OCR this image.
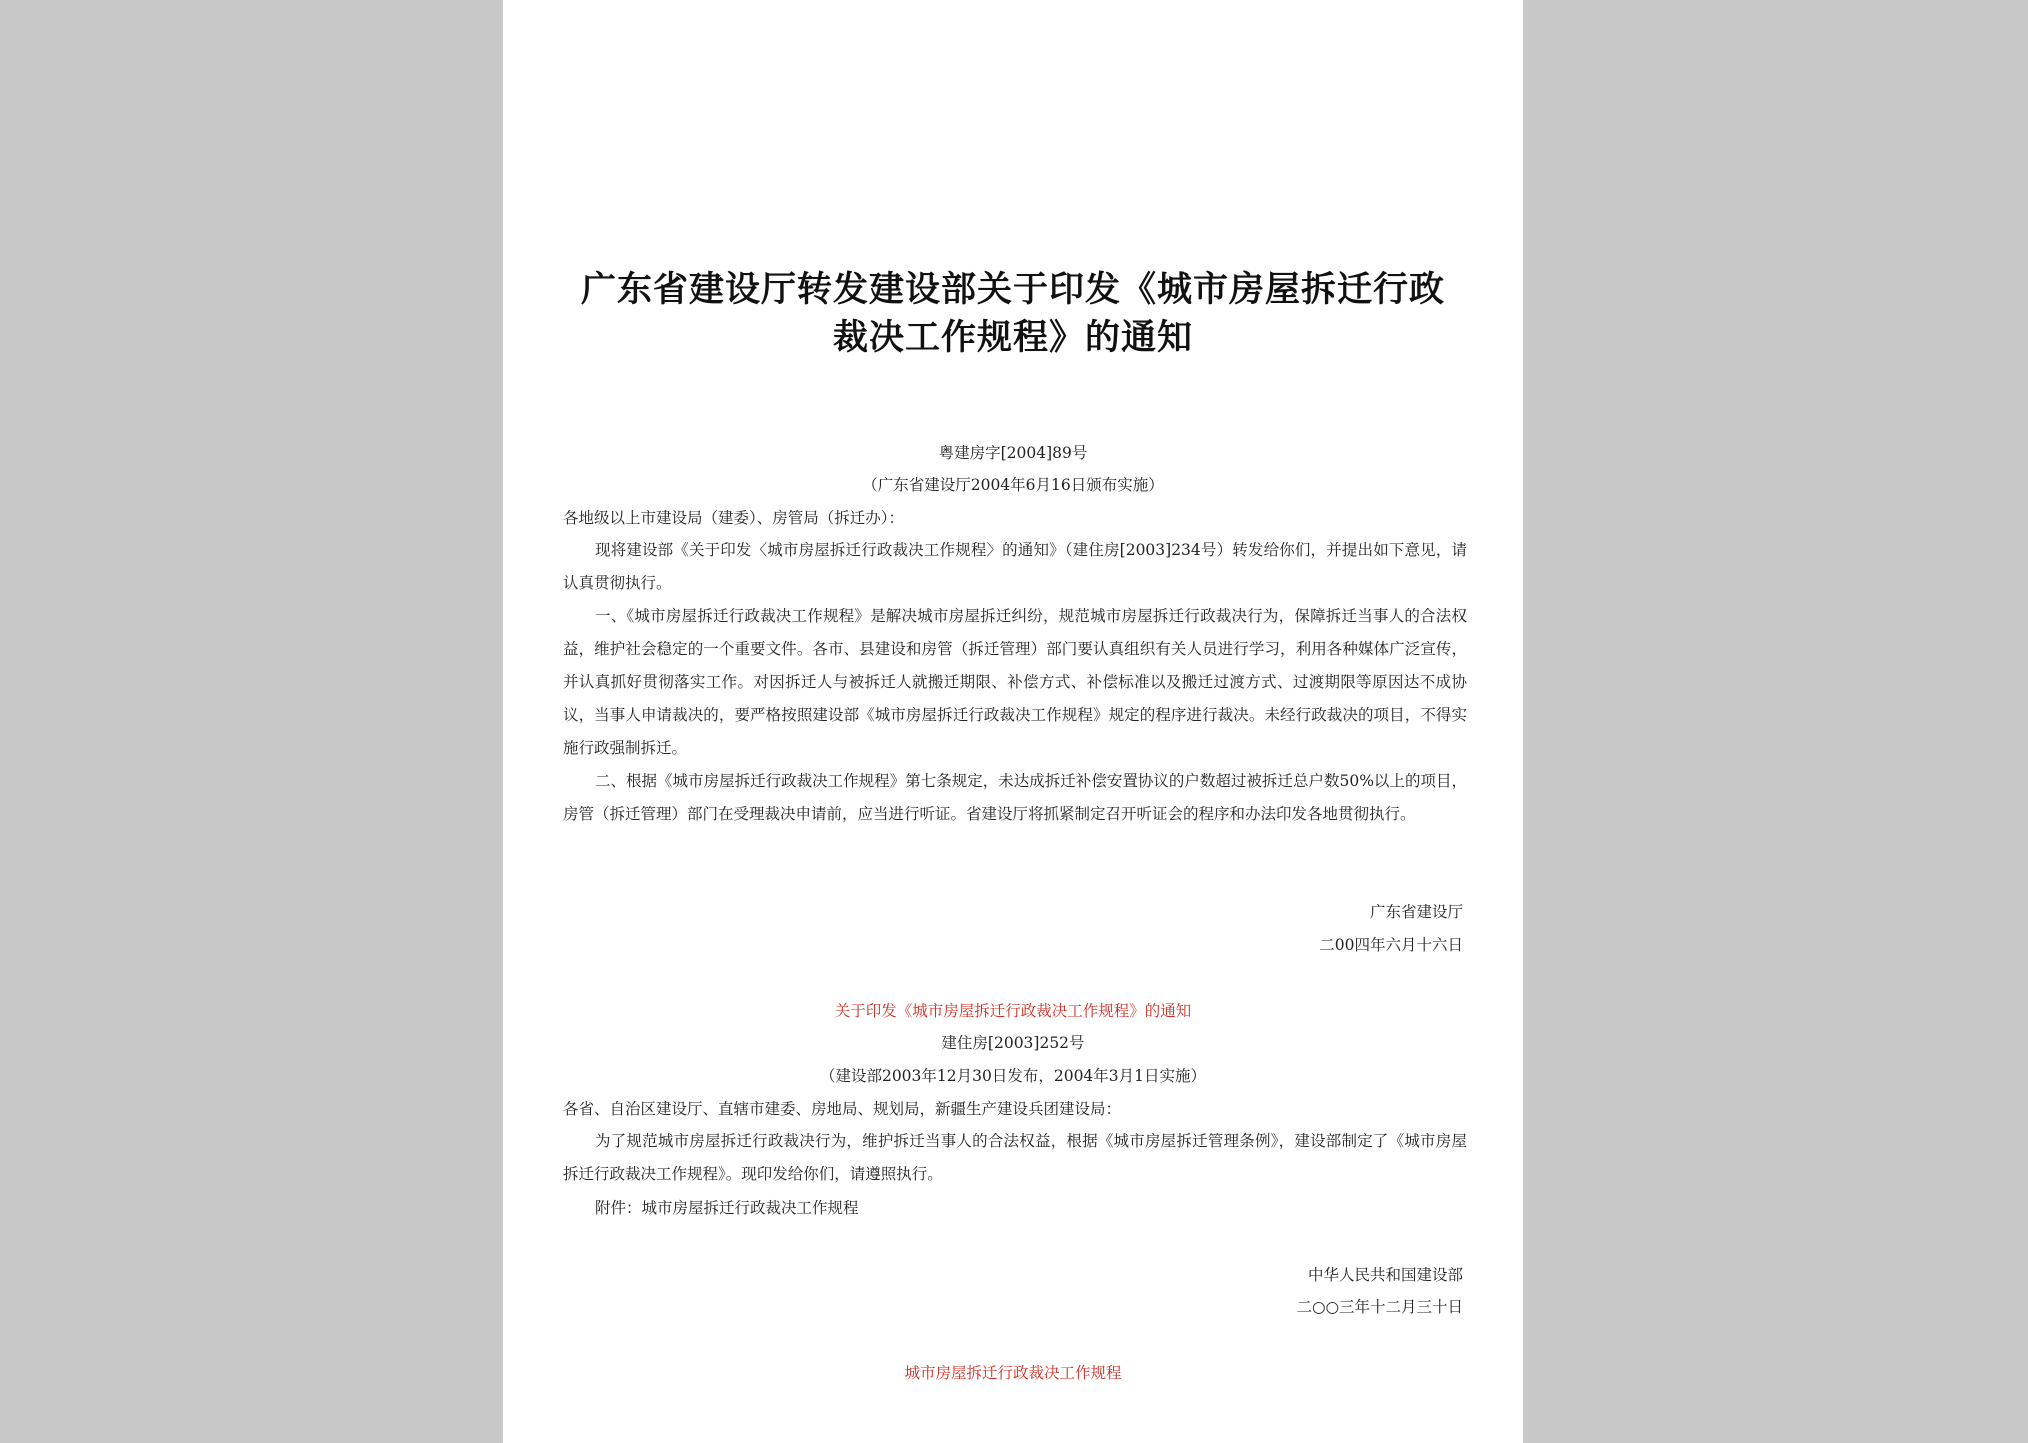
广东省建设厅转发建设部关于印发《城市房屋拆迁行政
裁决工作规程》的通知
粤建房字[2004]89号
（广东省建设厅2004年6月16日颁布实施）
各地级以上市建设局（建委）、房管局（拆迁办）：
现将建设部《关于印发〈城市房屋拆迁行政裁决工作规程〉的通知》（建住房[2003]234号）转发给你们，并提出如下意见，请认真贯彻执行。
一、《城市房屋拆迁行政裁决工作规程》是解决城市房屋拆迁纠纷，规范城市房屋拆迁行政裁决行为，保障拆迁当事人的合法权益，维护社会稳定的一个重要文件。各市、县建设和房管（拆迁管理）部门要认真组织有关人员进行学习，利用各种媒体广泛宣传，并认真抓好贯彻落实工作。对因拆迁人与被拆迁人就搬迁期限、补偿方式、补偿标准以及搬迁过渡方式、过渡期限等原因达不成协议，当事人申请裁决的，要严格按照建设部《城市房屋拆迁行政裁决工作规程》规定的程序进行裁决。未经行政裁决的项目，不得实施行政强制拆迁。
二、根据《城市房屋拆迁行政裁决工作规程》第七条规定，未达成拆迁补偿安置协议的户数超过被拆迁总户数50%以上的项目，房管（拆迁管理）部门在受理裁决申请前，应当进行听证。省建设厅将抓紧制定召开听证会的程序和办法印发各地贯彻执行。
广东省建设厅
二00四年六月十六日
关于印发《城市房屋拆迁行政裁决工作规程》的通知
建住房[2003]252号
（建设部2003年12月30日发布，2004年3月1日实施）
各省、自治区建设厅、直辖市建委、房地局、规划局，新疆生产建设兵团建设局：
为了规范城市房屋拆迁行政裁决行为，维护拆迁当事人的合法权益，根据《城市房屋拆迁管理条例》，建设部制定了《城市房屋拆迁行政裁决工作规程》。现印发给你们，请遵照执行。
附件：城市房屋拆迁行政裁决工作规程
中华人民共和国建设部
二○○三年十二月三十日
城市房屋拆迁行政裁决工作规程
